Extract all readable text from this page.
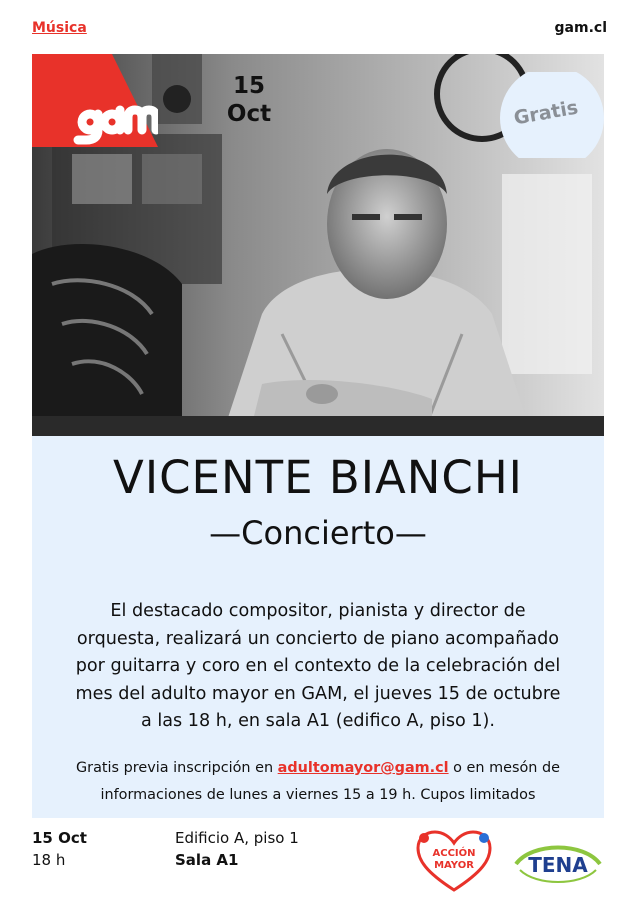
Música	gam.cl
15
Oct	Gratis
VICENTE BIANCHI
—Concierto—
El destacado compositor, pianista y director de orquesta, realizará un concierto de piano acompañado por guitarra y coro en el contexto de la celebración del mes del adulto mayor en GAM, el jueves 15 de octubre a las 18 h, en sala A1 (edifico A, piso 1).
Gratis previa inscripción en adultomayor@gam.cl o en mesón de informaciones de lunes a viernes 15 a 19 h. Cupos limitados
15 Oct
18 h
Edificio A, piso 1
Sala A1	ACCIÓN
MAYOR	TENA
